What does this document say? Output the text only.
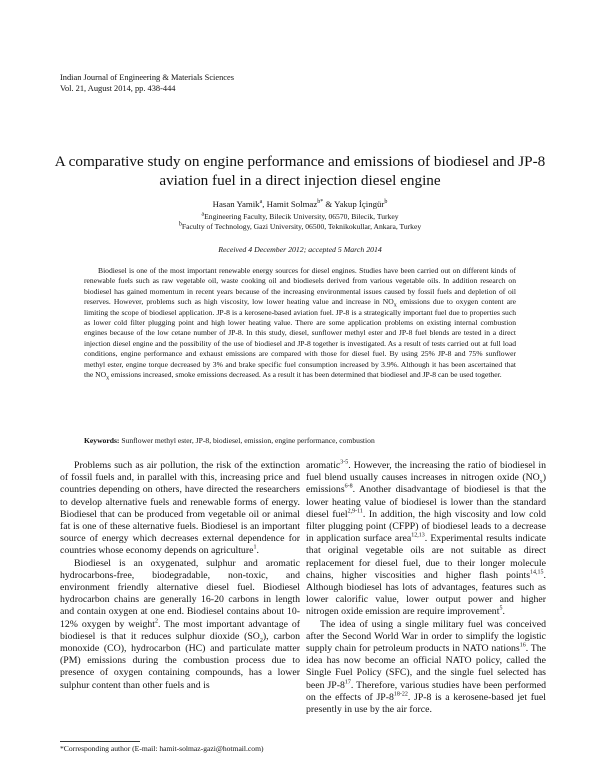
Indian Journal of Engineering & Materials Sciences
Vol. 21, August 2014, pp. 438-444
A comparative study on engine performance and emissions of biodiesel and JP-8 aviation fuel in a direct injection diesel engine
Hasan Yamik$^a$, Hamit Solmaz$^{b*}$ & Yakup İçingür$^b$
$^a$Engineering Faculty, Bilecik University, 06570, Bilecik, Turkey
$^b$Faculty of Technology, Gazi University, 06500, Teknikokullar, Ankara, Turkey
Received 4 December 2012; accepted 5 March 2014

Biodiesel is one of the most important renewable energy sources for diesel engines. Studies have been carried out on different kinds of renewable fuels such as raw vegetable oil, waste cooking oil and biodiesels derived from various vegetable oils. In addition research on biodiesel has gained momentum in recent years because of the increasing environmental issues caused by fossil fuels and depletion of oil reserves. However, problems such as high viscosity, low lower heating value and increase in $NO_x$ emissions due to oxygen content are limiting the scope of biodiesel application. JP-8 is a kerosene-based aviation fuel. JP-8 is a strategically important fuel due to properties such as lower cold filter plugging point and high lower heating value. There are some application problems on existing internal combustion engines because of the low cetane number of JP-8. In this study, diesel, sunflower methyl ester and JP-8 fuel blends are tested in a direct injection diesel engine and the possibility of the use of biodiesel and JP-8 together is investigated. As a result of tests carried out at full load conditions, engine performance and exhaust emissions are compared with those for diesel fuel. By using 25% JP-8 and 75% sunflower methyl ester, engine torque decreased by 3% and brake specific fuel consumption increased by 3.9%. Although it has been ascertained that the $NO_x$ emissions increased, smoke emissions decreased. As a result it has been determined that biodiesel and JP-8 can be used together.

Keywords: Sunflower methyl ester, JP-8, biodiesel, emission, engine performance, combustion

Problems such as air pollution, the risk of the extinction of fossil fuels and, in parallel with this, increasing price and countries depending on others, have directed the researchers to develop alternative fuels and renewable forms of energy. Biodiesel that can be produced from vegetable oil or animal fat is one of these alternative fuels. Biodiesel is an important source of energy which decreases external dependence for countries whose economy depends on agriculture$^1$.

Biodiesel is an oxygenated, sulphur and aromatic hydrocarbons-free, biodegradable, non-toxic, and environment friendly alternative diesel fuel. Biodiesel hydrocarbon chains are generally 16-20 carbons in length and contain oxygen at one end. Biodiesel contains about 10-12% oxygen by weight$^2$. The most important advantage of biodiesel is that it reduces sulphur dioxide $(SO_2)$, carbon monoxide (CO), hydrocarbon (HC) and particulate matter (PM) emissions during the combustion process due to presence of oxygen containing compounds, has a lower sulphur content than other fuels and is

aromatic$^{3-5}$. However, the increasing the ratio of biodiesel in fuel blend usually causes increases in nitrogen oxide $(NO_x)$ emissions$^{6-8}$. Another disadvantage of biodiesel is that the lower heating value of biodiesel is lower than the standard diesel fuel$^{2,9-11}$. In addition, the high viscosity and low cold filter plugging point (CFPP) of biodiesel leads to a decrease in application surface area$^{12,13}$. Experimental results indicate that original vegetable oils are not suitable as direct replacement for diesel fuel, due to their longer molecule chains, higher viscosities and higher flash points$^{14,15}$. Although biodiesel has lots of advantages, features such as lower calorific value, lower output power and higher nitrogen oxide emission are require improvement$^5$.

The idea of using a single military fuel was conceived after the Second World War in order to simplify the logistic supply chain for petroleum products in NATO nations$^{16}$. The idea has now become an official NATO policy, called the Single Fuel Policy (SFC), and the single fuel selected has been $JP-8^{17}$. Therefore, various studies have been performed on the effects of JP-8$^{18-22}$. JP-8 is a kerosene-based jet fuel presently in use by the air force.

*Corresponding author (E-mail: hamit-solmaz-gazi@hotmail.com)
